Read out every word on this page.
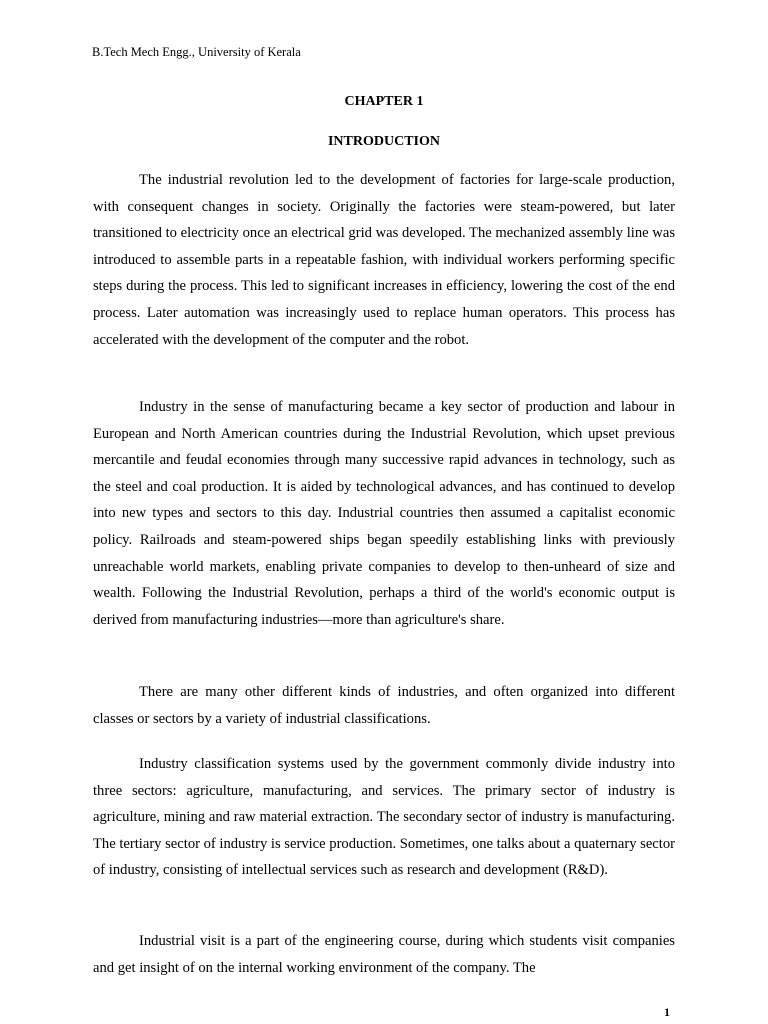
B.Tech Mech Engg., University of Kerala
CHAPTER 1
INTRODUCTION

The industrial revolution led to the development of factories for large-scale production, with consequent changes in society. Originally the factories were steam-powered, but later transitioned to electricity once an electrical grid was developed. The mechanized assembly line was introduced to assemble parts in a repeatable fashion, with individual workers performing specific steps during the process. This led to significant increases in efficiency, lowering the cost of the end process. Later automation was increasingly used to replace human operators. This process has accelerated with the development of the computer and the robot.

Industry in the sense of manufacturing became a key sector of production and labour in European and North American countries during the Industrial Revolution, which upset previous mercantile and feudal economies through many successive rapid advances in technology, such as the steel and coal production. It is aided by technological advances, and has continued to develop into new types and sectors to this day. Industrial countries then assumed a capitalist economic policy. Railroads and steam-powered ships began speedily establishing links with previously unreachable world markets, enabling private companies to develop to then-unheard of size and wealth. Following the Industrial Revolution, perhaps a third of the world's economic output is derived from manufacturing industries—more than agriculture's share.

There are many other different kinds of industries, and often organized into different classes or sectors by a variety of industrial classifications.

Industry classification systems used by the government commonly divide industry into three sectors: agriculture, manufacturing, and services. The primary sector of industry is agriculture, mining and raw material extraction. The secondary sector of industry is manufacturing. The tertiary sector of industry is service production. Sometimes, one talks about a quaternary sector of industry, consisting of intellectual services such as research and development (R&D).

Industrial visit is a part of the engineering course, during which students visit companies and get insight of on the internal working environment of the company. The

1
